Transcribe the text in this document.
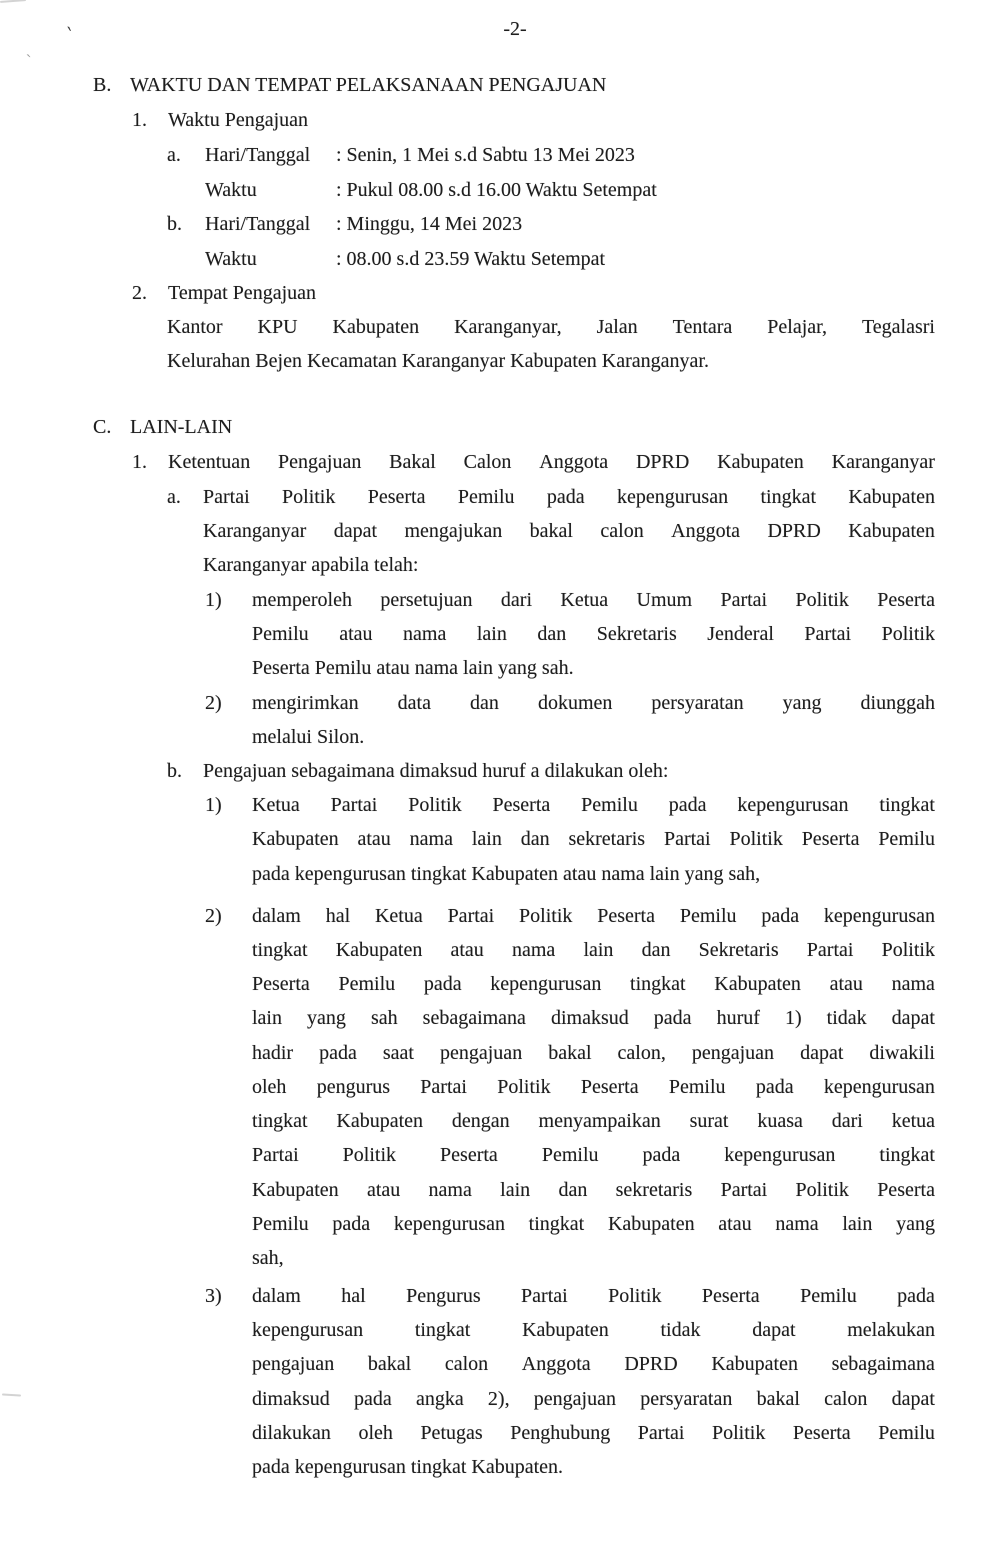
-2-
B. WAKTU DAN TEMPAT PELAKSANAAN PENGAJUAN
1. Waktu Pengajuan
a. Hari/Tanggal : Senin, 1 Mei s.d Sabtu 13 Mei 2023
Waktu	: Pukul 08.00 s.d 16.00 Waktu Setempat
b. Hari/Tanggal : Minggu, 14 Mei 2023
Waktu	: 08.00 s.d 23.59 Waktu Setempat
2. Tempat Pengajuan
Kantor KPU Kabupaten Karanganyar, Jalan Tentara Pelajar, Tegalasri
Kelurahan Bejen Kecamatan Karanganyar Kabupaten Karanganyar.
C. LAIN-LAIN
1. Ketentuan Pengajuan Bakal Calon Anggota DPRD Kabupaten Karanganyar
a. Partai Politik Peserta Pemilu pada kepengurusan tingkat Kabupaten
Karanganyar dapat mengajukan bakal calon Anggota DPRD Kabupaten
Karanganyar apabila telah:
1) memperoleh persetujuan dari Ketua Umum Partai Politik Peserta
Pemilu atau nama lain dan Sekretaris Jenderal Partai Politik
Peserta Pemilu atau nama lain yang sah.
2) mengirimkan data dan dokumen persyaratan yang diunggah
melalui Silon.
b. Pengajuan sebagaimana dimaksud huruf a dilakukan oleh:
1) Ketua Partai Politik Peserta Pemilu pada kepengurusan tingkat
Kabupaten atau nama lain dan sekretaris Partai Politik Peserta Pemilu
pada kepengurusan tingkat Kabupaten atau nama lain yang sah,
2) dalam hal Ketua Partai Politik Peserta Pemilu pada kepengurusan
tingkat Kabupaten atau nama lain dan Sekretaris Partai Politik
Peserta Pemilu pada kepengurusan tingkat Kabupaten atau nama
lain yang sah sebagaimana dimaksud pada huruf 1) tidak dapat
hadir pada saat pengajuan bakal calon, pengajuan dapat diwakili
oleh pengurus Partai Politik Peserta Pemilu pada kepengurusan
tingkat Kabupaten dengan menyampaikan surat kuasa dari ketua
Partai Politik Peserta Pemilu pada kepengurusan tingkat
Kabupaten atau nama lain dan sekretaris Partai Politik Peserta
Pemilu pada kepengurusan tingkat Kabupaten atau nama lain yang
sah,
3) dalam hal Pengurus Partai Politik Peserta Pemilu pada
kepengurusan	tingkat	Kabupaten	tidak	dapat	melakukan
pengajuan bakal calon Anggota DPRD Kabupaten sebagaimana
dimaksud pada angka 2), pengajuan persyaratan bakal calon dapat
dilakukan oleh Petugas Penghubung Partai Politik Peserta Pemilu
pada kepengurusan tingkat Kabupaten.
`
`
